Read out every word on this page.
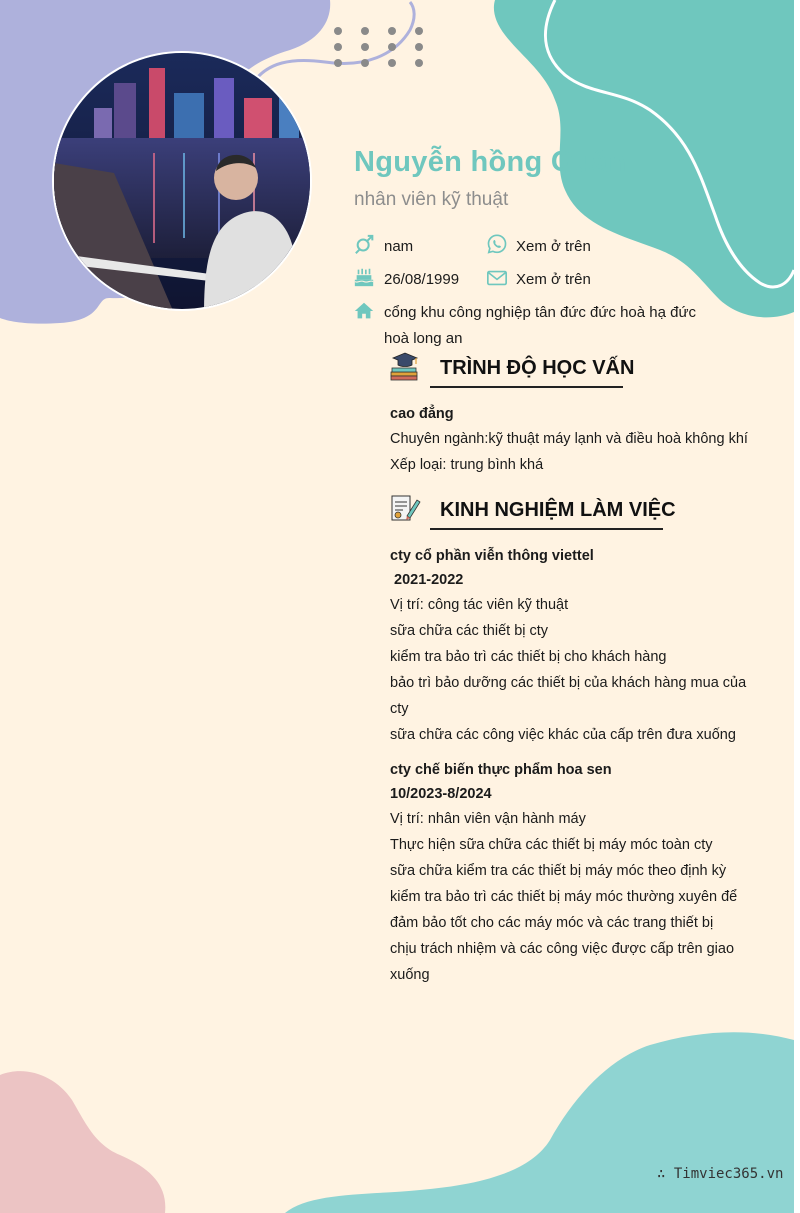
Nguyễn hồng Quân
nhân viên kỹ thuật
nam	Xem ở trên
26/08/1999	Xem ở trên
cổng khu công nghiệp tân đức đức hoà hạ đức
hoà long an
TRÌNH ĐỘ HỌC VẤN
cao đẳng
Chuyên ngành:kỹ thuật máy lạnh và điều hoà không khí
Xếp loại: trung bình khá
KINH NGHIỆM LÀM VIỆC
cty cổ phần viễn thông viettel
2021-2022
Vị trí: công tác viên kỹ thuật
sữa chữa các thiết bị cty
kiểm tra bảo trì các thiết bị cho khách hàng
bảo trì bảo dưỡng các thiết bị của khách hàng mua của
cty
sữa chữa các công việc khác của cấp trên đưa xuống
cty chế biến thực phẩm hoa sen
10/2023-8/2024
Vị trí: nhân viên vận hành máy
Thực hiện sữa chữa các thiết bị máy móc toàn cty
sữa chữa kiểm tra các thiết bị máy móc theo định kỳ
kiểm tra bảo trì các thiết bị máy móc thường xuyên để
đảm bảo tốt cho các máy móc và các trang thiết bị
chịu trách nhiệm và các công việc được cấp trên giao
xuống
∴ Timviec365.vn
